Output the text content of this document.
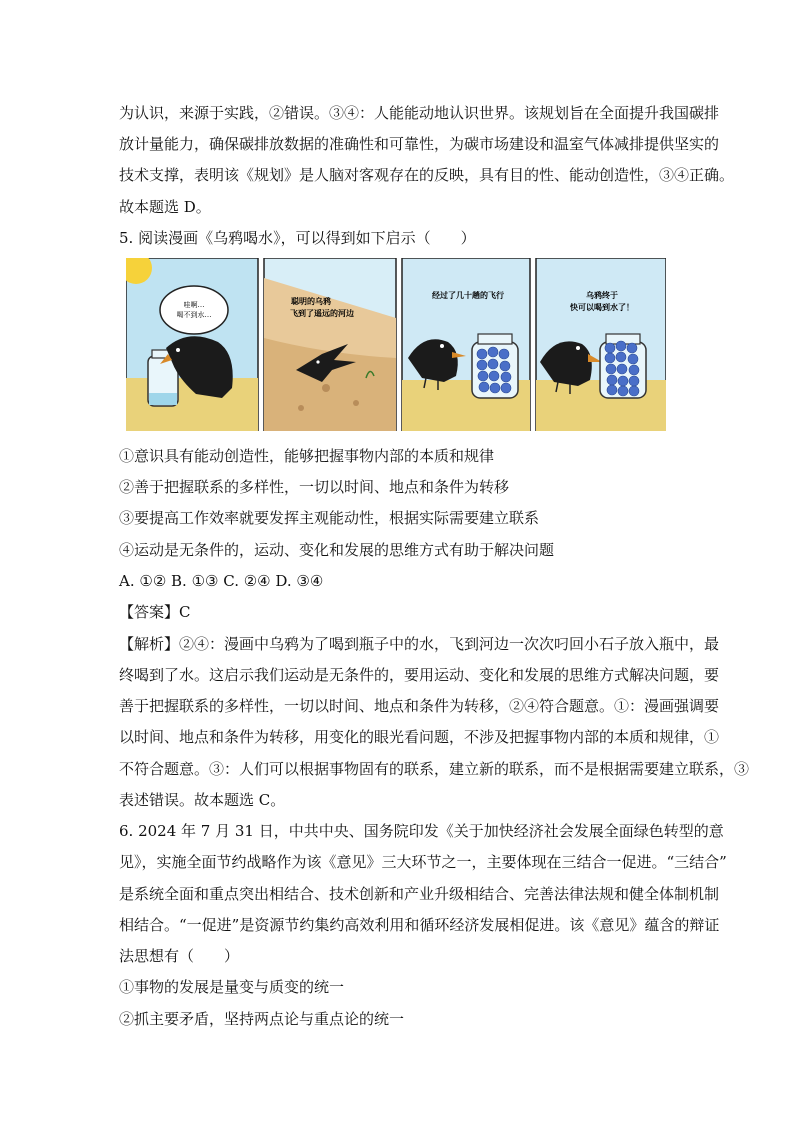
为认识，来源于实践，②错误。③④：人能能动地认识世界。该规划旨在全面提升我国碳排
放计量能力，确保碳排放数据的准确性和可靠性，为碳市场建设和温室气体减排提供坚实的
技术支撑，表明该《规划》是人脑对客观存在的反映，具有目的性、能动创造性，③④正确。
故本题选 D。
5. 阅读漫画《乌鸦喝水》，可以得到如下启示（　　）
哇啊…
喝不到水…
聪明的乌鸦
飞到了遥远的河边
经过了几十趟的飞行	乌鸦终于
快可以喝到水了！
①意识具有能动创造性，能够把握事物内部的本质和规律
②善于把握联系的多样性，一切以时间、地点和条件为转移
③要提高工作效率就要发挥主观能动性，根据实际需要建立联系
④运动是无条件的，运动、变化和发展的思维方式有助于解决问题
A. ①② B. ①③ C. ②④ D. ③④
【答案】C
【解析】②④：漫画中乌鸦为了喝到瓶子中的水，飞到河边一次次叼回小石子放入瓶中，最
终喝到了水。这启示我们运动是无条件的，要用运动、变化和发展的思维方式解决问题，要
善于把握联系的多样性，一切以时间、地点和条件为转移，②④符合题意。①：漫画强调要
以时间、地点和条件为转移，用变化的眼光看问题，不涉及把握事物内部的本质和规律，①
不符合题意。③：人们可以根据事物固有的联系，建立新的联系，而不是根据需要建立联系，③
表述错误。故本题选 C。
6. 2024 年 7 月 31 日，中共中央、国务院印发《关于加快经济社会发展全面绿色转型的意
见》，实施全面节约战略作为该《意见》三大环节之一，主要体现在三结合一促进。“三结合”
是系统全面和重点突出相结合、技术创新和产业升级相结合、完善法律法规和健全体制机制
相结合。“一促进”是资源节约集约高效利用和循环经济发展相促进。该《意见》蕴含的辩证
法思想有（　　）
①事物的发展是量变与质变的统一
②抓主要矛盾，坚持两点论与重点论的统一
